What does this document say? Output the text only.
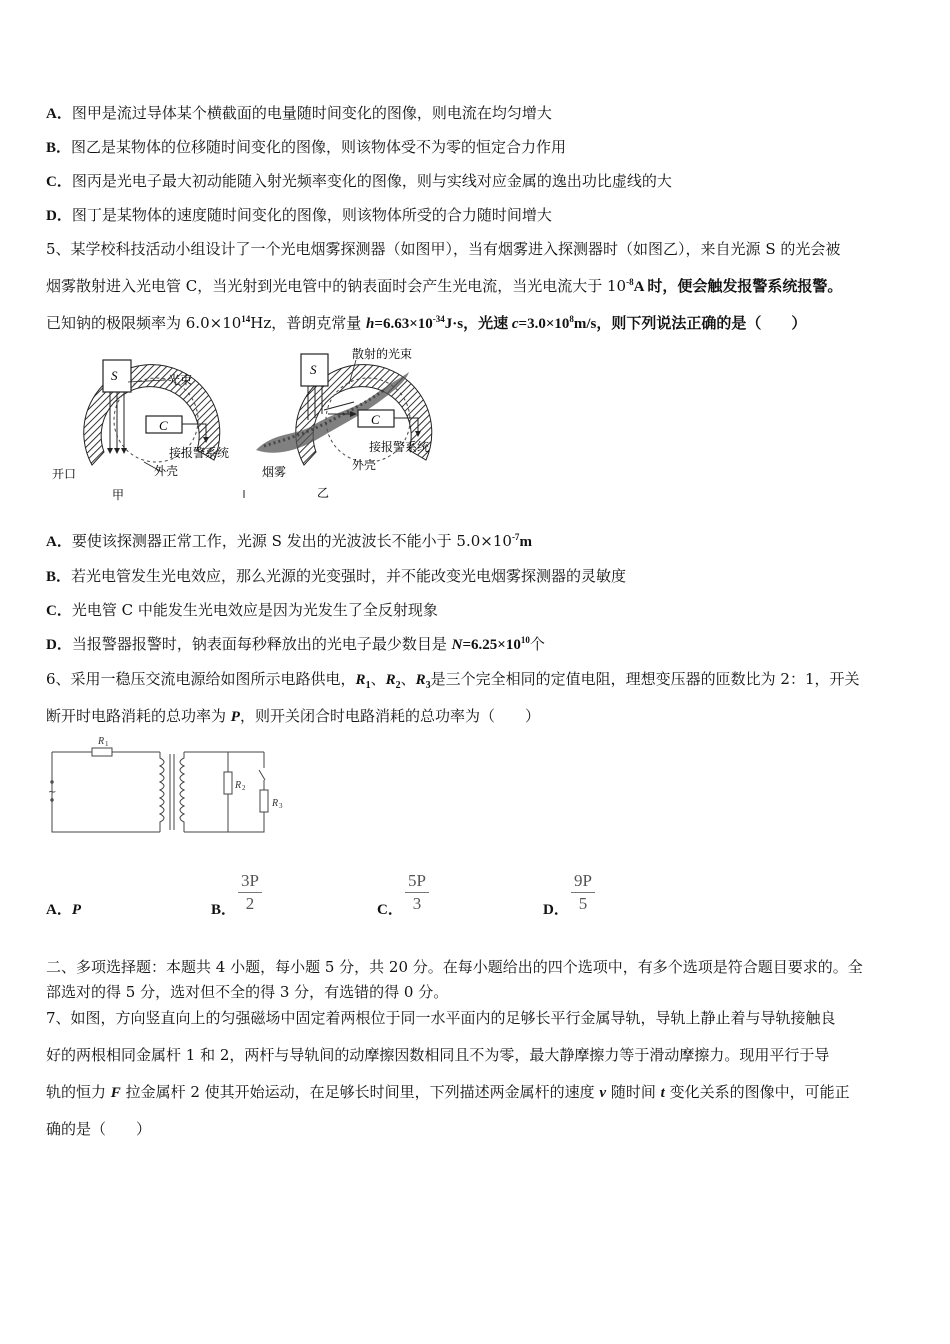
A．图甲是流过导体某个横截面的电量随时间变化的图像，则电流在均匀增大
B．图乙是某物体的位移随时间变化的图像，则该物体受不为零的恒定合力作用
C．图丙是光电子最大初动能随入射光频率变化的图像，则与实线对应金属的逸出功比虚线的大
D．图丁是某物体的速度随时间变化的图像，则该物体所受的合力随时间增大
5、某学校科技活动小组设计了一个光电烟雾探测器（如图甲），当有烟雾进入探测器时（如图乙），来自光源 S 的光会被
烟雾散射进入光电管 C，当光射到光电管中的钠表面时会产生光电流，当光电流大于 $10^{-8}A$ 时，便会触发报警系统报警。
已知钠的极限频率为 $6.0\times 10^{14}Hz$，普朗克常量 $h=6.63\times 10^{-34}J\cdot s$，光速 $c=3.0\times 10^8m/s$，则下列说法正确的是（　　）
S
C
光束
接报警系统
开口	外壳
甲
S
C
散射的光束
接报警系统
烟雾	外壳
乙
A．要使该探测器正常工作，光源 S 发出的光波波长不能小于 $5.0\times 10^{-7}m$
B．若光电管发生光电效应，那么光源的光变强时，并不能改变光电烟雾探测器的灵敏度
C．光电管 C 中能发生光电效应是因为光发生了全反射现象
D．当报警器报警时，钠表面每秒释放出的光电子最少数目是 $N=6.25\times 10^{10}$个
6、采用一稳压交流电源给如图所示电路供电，$R_1$、$R_2$、$R_3$是三个完全相同的定值电阻，理想变压器的匝数比为 2：1，开关
断开时电路消耗的总功率为 P，则开关闭合时电路消耗的总功率为（　　）
R 1
R 2
R 3
~
A．P	B． $\frac{3P}{2}$	C． $\frac{5P}{3}$	D． $\frac{9P}{5}$
二、多项选择题：本题共 4 小题，每小题 5 分，共 20 分。在每小题给出的四个选项中，有多个选项是符合题目要求的。全
部选对的得 5 分，选对但不全的得 3 分，有选错的得 0 分。
7、如图，方向竖直向上的匀强磁场中固定着两根位于同一水平面内的足够长平行金属导轨，导轨上静止着与导轨接触良
好的两根相同金属杆 1 和 2，两杆与导轨间的动摩擦因数相同且不为零，最大静摩擦力等于滑动摩擦力。现用平行于导
轨的恒力 F 拉金属杆 2 使其开始运动，在足够长时间里，下列描述两金属杆的速度 v 随时间 t 变化关系的图像中，可能正
确的是（　　）
